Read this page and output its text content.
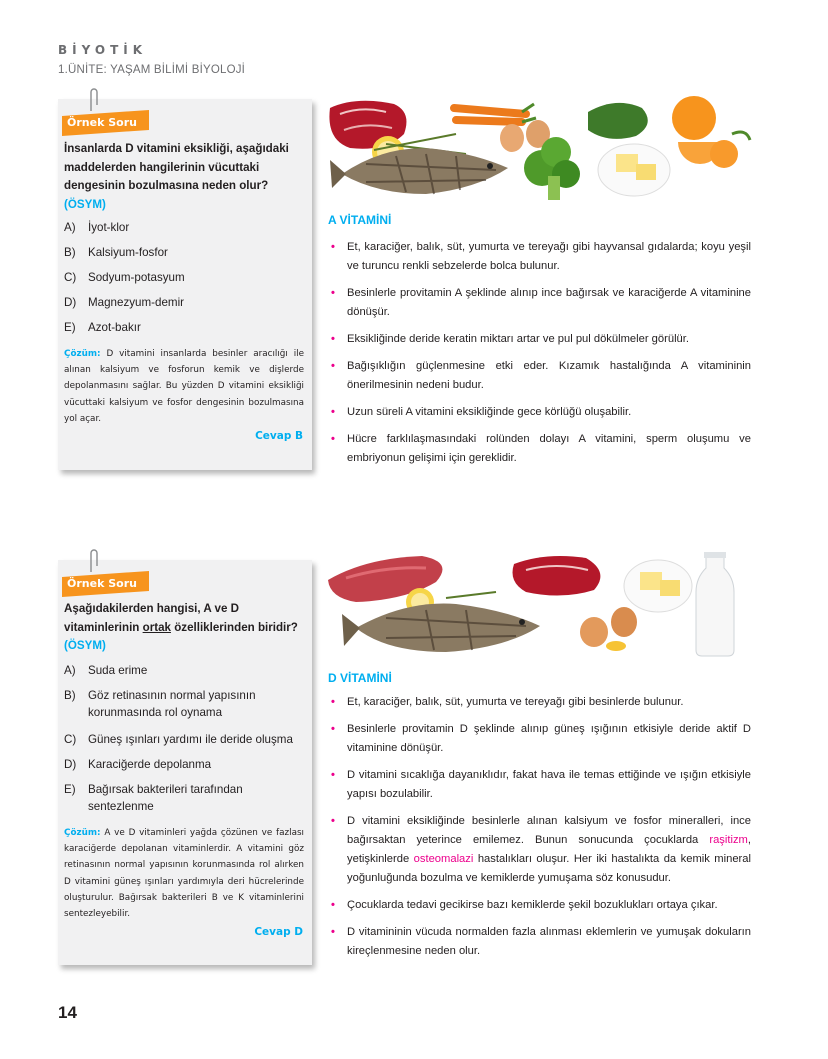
BİYOTİK
1.ÜNİTE: YAŞAM BİLİMİ BİYOLOJİ
Örnek Soru
İnsanlarda D vitamini eksikliği, aşağıdaki maddelerden hangilerinin vücuttaki dengesinin bozulmasına neden olur?
(ÖSYM)
A)	İyot-klor
B)	Kalsiyum-fosfor
C)	Sodyum-potasyum
D)	Magnezyum-demir
E)	Azot-bakır
Çözüm: D vitamini insanlarda besinler aracılığı ile alınan kalsiyum ve fosforun kemik ve dişlerde depolanmasını sağlar. Bu yüzden D vitamini eksikliği vücuttaki kalsiyum ve fosfor dengesinin bozulmasına yol açar.
Cevap B
A VİTAMİNİ
• Et, karaciğer, balık, süt, yumurta ve tereyağı gibi hayvansal gıdalarda; koyu yeşil ve turuncu renkli sebzelerde bolca bulunur.
• Besinlerle provitamin A şeklinde alınıp ince bağırsak ve karaciğerde A vitaminine dönüşür.
• Eksikliğinde deride keratin miktarı artar ve pul pul dökülmeler görülür.
• Bağışıklığın güçlenmesine etki eder. Kızamık hastalığında A vitamininin önerilmesinin nedeni budur.
• Uzun süreli A vitamini eksikliğinde gece körlüğü oluşabilir.
• Hücre farklılaşmasındaki rolünden dolayı A vitamini, sperm oluşumu ve embriyonun gelişimi için gereklidir.
Örnek Soru
Aşağıdakilerden hangisi, A ve D vitaminlerinin ortak özelliklerinden biridir?
(ÖSYM)
A)	Suda erime
B)	Göz retinasının normal yapısının korunmasında rol oynama
C)	Güneş ışınları yardımı ile deride oluşma
D)	Karaciğerde depolanma
E)	Bağırsak bakterileri tarafından sentezlenme
Çözüm: A ve D vitaminleri yağda çözünen ve fazlası karaciğerde depolanan vitaminlerdir. A vitamini göz retinasının normal yapısının korunmasında rol alırken D vitamini güneş ışınları yardımıyla deri hücrelerinde oluşturulur. Bağırsak bakterileri B ve K vitaminlerini sentezleyebilir.
Cevap D
D VİTAMİNİ
• Et, karaciğer, balık, süt, yumurta ve tereyağı gibi besinlerde bulunur.
• Besinlerle provitamin D şeklinde alınıp güneş ışığının etkisiyle deride aktif D vitaminine dönüşür.
• D vitamini sıcaklığa dayanıklıdır, fakat hava ile temas ettiğinde ve ışığın etkisiyle yapısı bozulabilir.
• D vitamini eksikliğinde besinlerle alınan kalsiyum ve fosfor mineralleri, ince bağırsaktan yeterince emilemez. Bunun sonucunda çocuklarda raşitizm, yetişkinlerde osteomalazi hastalıkları oluşur. Her iki hastalıkta da kemik mineral yoğunluğunda bozulma ve kemiklerde yumuşama söz konusudur.
• Çocuklarda tedavi gecikirse bazı kemiklerde şekil bozuklukları ortaya çıkar.
• D vitamininin vücuda normalden fazla alınması eklemlerin ve yumuşak dokuların kireçlenmesine neden olur.
14
